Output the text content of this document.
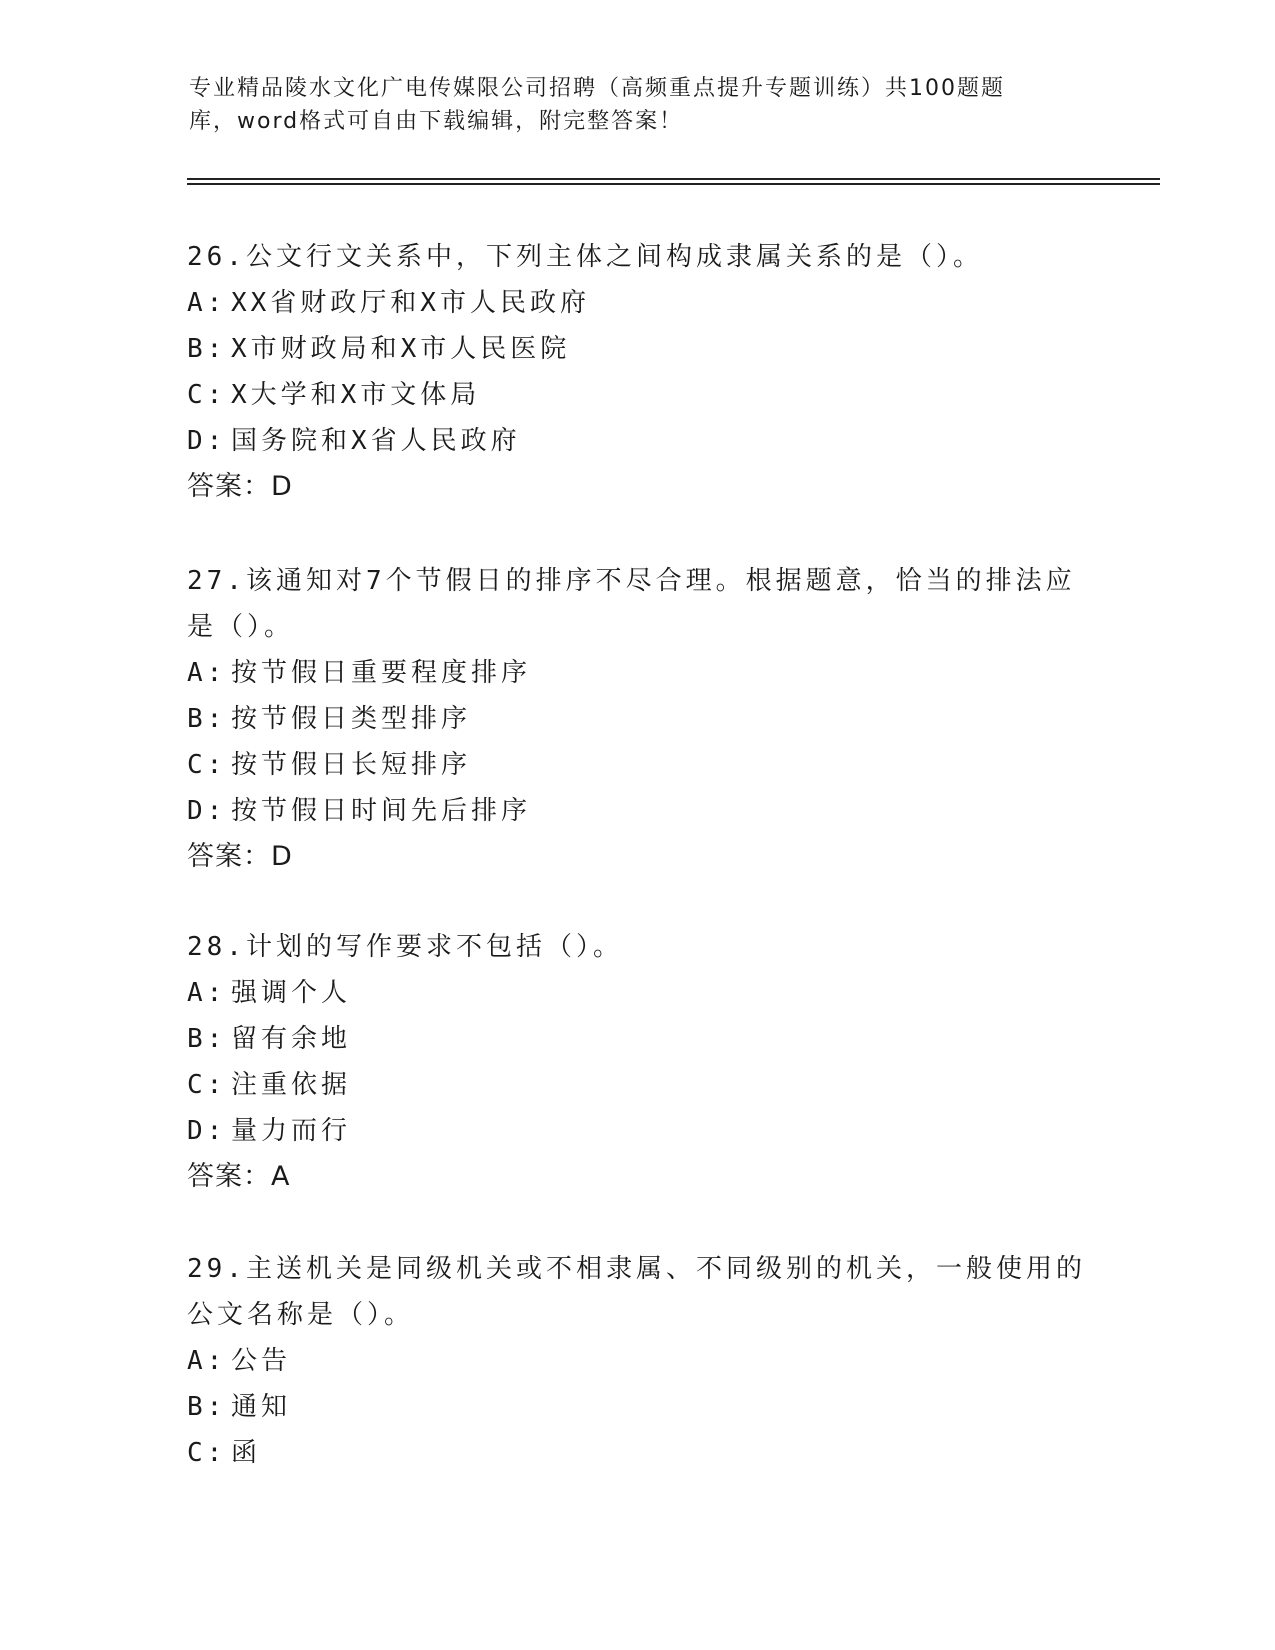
专业精品陵水文化广电传媒限公司招聘（高频重点提升专题训练）共100题题库，word格式可自由下载编辑，附完整答案！

26.公文行文关系中，下列主体之间构成隶属关系的是（）。

A: XX省财政厅和X市人民政府

B: X市财政局和X市人民医院

C: X大学和X市文体局

D: 国务院和X省人民政府

答案：D

27.该通知对7个节假日的排序不尽合理。根据题意，恰当的排法应是（）。

A: 按节假日重要程度排序

B: 按节假日类型排序

C: 按节假日长短排序

D: 按节假日时间先后排序

答案：D

28.计划的写作要求不包括（）。

A: 强调个人

B: 留有余地

C: 注重依据

D: 量力而行

答案：A

29.主送机关是同级机关或不相隶属、不同级别的机关，一般使用的公文名称是（）。

A: 公告

B: 通知

C: 函
